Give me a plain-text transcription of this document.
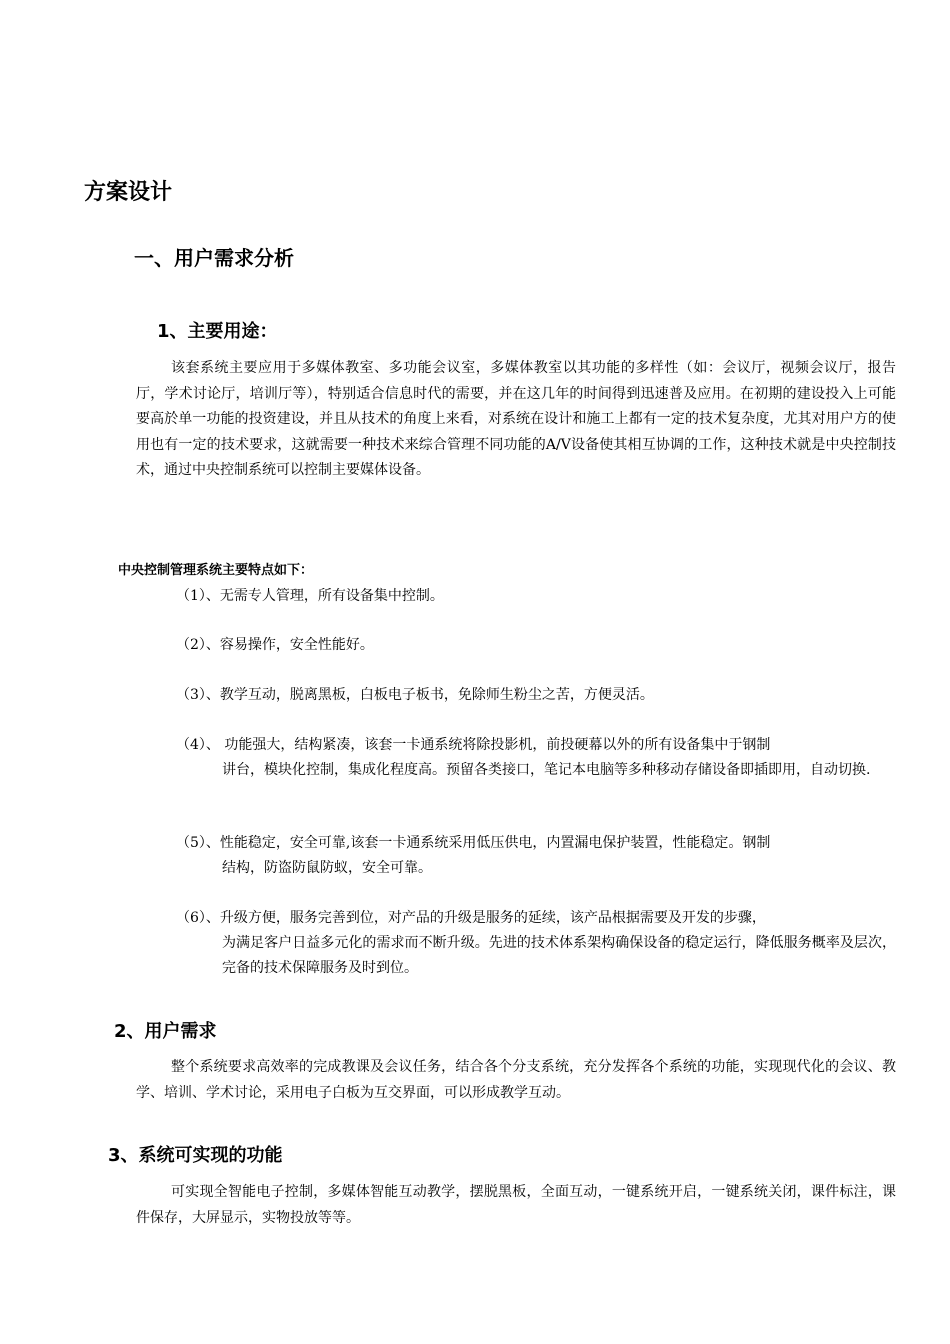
方案设计
一、用户需求分析
1、主要用途：

该套系统主要应用于多媒体教室、多功能会议室，多媒体教室以其功能的多样性（如：会议厅，视频会议厅，报告厅，学术讨论厅，培训厅等），特别适合信息时代的需要，并在这几年的时间得到迅速普及应用。在初期的建设投入上可能要高於单一功能的投资建设，并且从技术的角度上来看，对系统在设计和施工上都有一定的技术复杂度，尤其对用户方的使用也有一定的技术要求，这就需要一种技术来综合管理不同功能的A/V设备使其相互协调的工作，这种技术就是中央控制技术，通过中央控制系统可以控制主要媒体设备。

中央控制管理系统主要特点如下：

（1）、无需专人管理，所有设备集中控制。

（2）、容易操作，安全性能好。

（3）、教学互动，脱离黑板，白板电子板书，免除师生粉尘之苦，方便灵活。

（4）、 功能强大，结构紧凑，该套一卡通系统将除投影机，前投硬幕以外的所有设备集中于钢制
讲台，模块化控制，集成化程度高。预留各类接口，笔记本电脑等多种移动存储设备即插即用，自动切换.

（5）、性能稳定，安全可靠,该套一卡通系统采用低压供电，内置漏电保护装置，性能稳定。钢制
结构，防盗防鼠防蚁，安全可靠。

（6）、升级方便，服务完善到位，对产品的升级是服务的延续，该产品根据需要及开发的步骤，
为满足客户日益多元化的需求而不断升级。先进的技术体系架构确保设备的稳定运行，降低服务概率及层次，完备的技术保障服务及时到位。

2、用户需求

整个系统要求高效率的完成教课及会议任务，结合各个分支系统，充分发挥各个系统的功能，实现现代化的会议、教学、培训、学术讨论，采用电子白板为互交界面，可以形成教学互动。

3、系统可实现的功能

可实现全智能电子控制，多媒体智能互动教学，摆脱黑板，全面互动，一键系统开启，一键系统关闭，课件标注，课件保存，大屏显示，实物投放等等。
